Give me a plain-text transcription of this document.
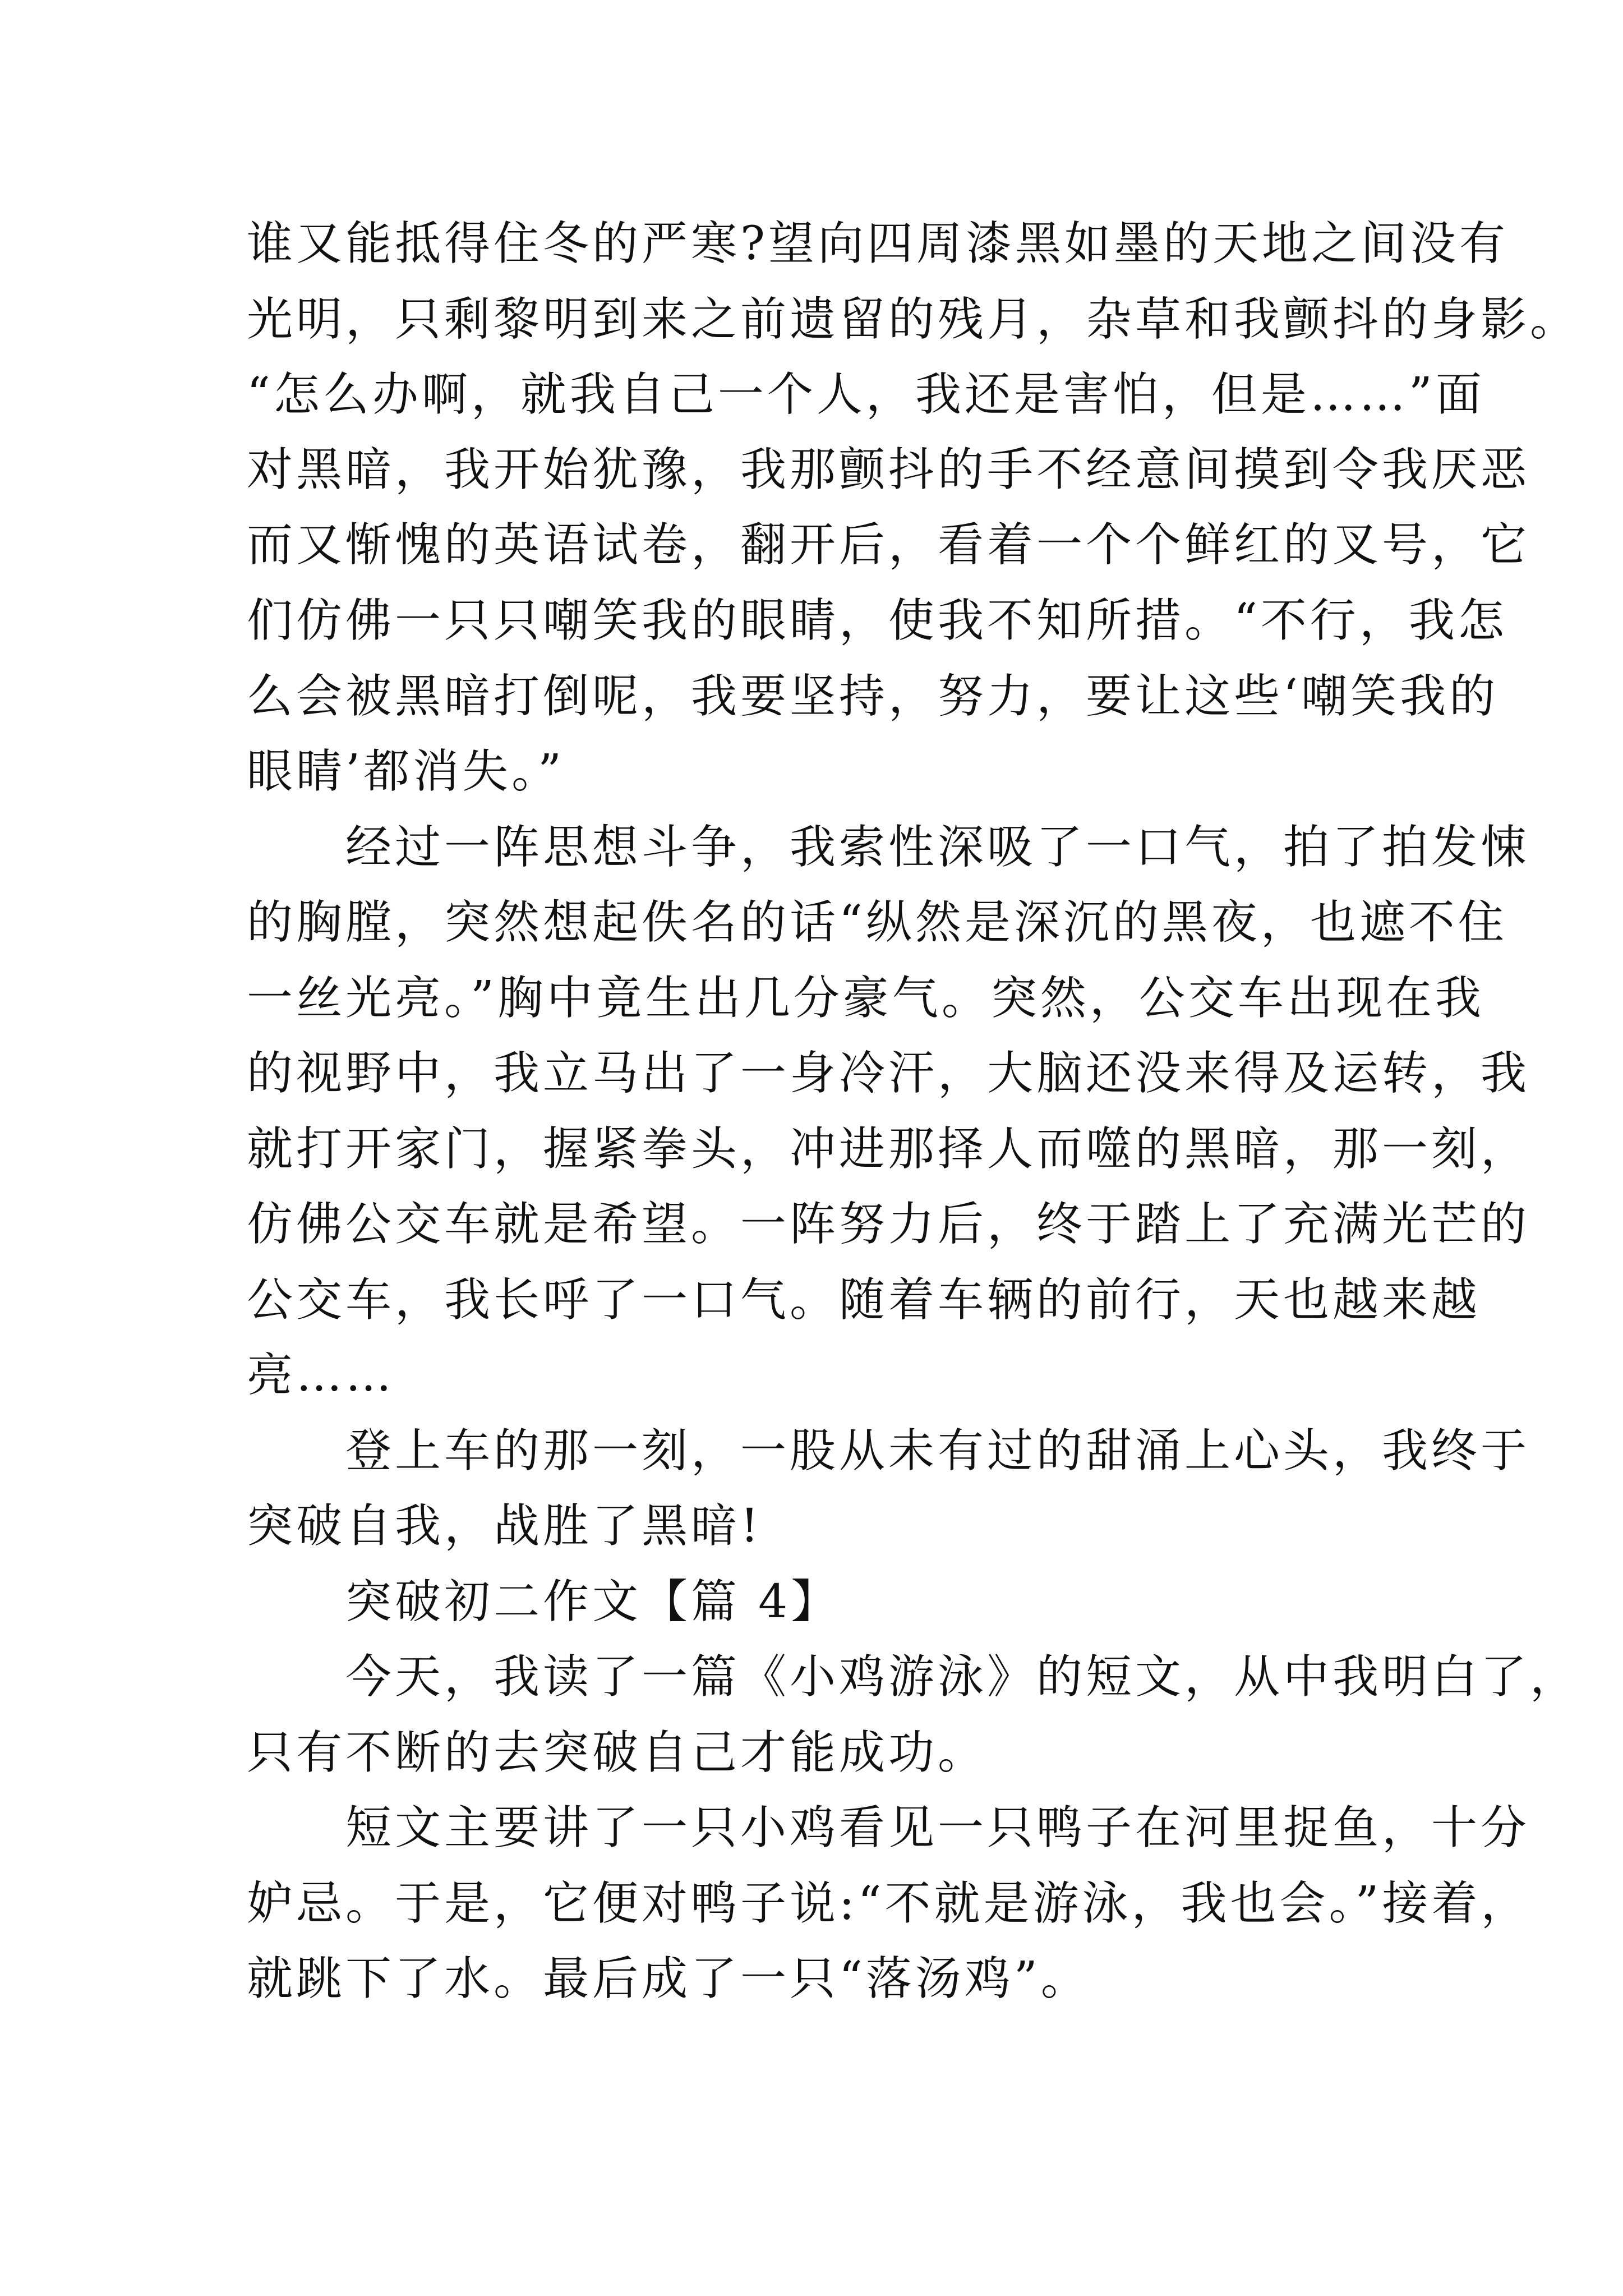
谁又能抵得住冬的严寒?望向四周漆黑如墨的天地之间没有
光明，只剩黎明到来之前遗留的残月，杂草和我颤抖的身影。
“怎么办啊，就我自己一个人，我还是害怕，但是……”面
对黑暗，我开始犹豫，我那颤抖的手不经意间摸到令我厌恶
而又惭愧的英语试卷，翻开后，看着一个个鲜红的叉号，它
们仿佛一只只嘲笑我的眼睛，使我不知所措。“不行，我怎
么会被黑暗打倒呢，我要坚持，努力，要让这些‘嘲笑我的
眼睛’都消失。”
　　经过一阵思想斗争，我索性深吸了一口气，拍了拍发悚
的胸膛，突然想起佚名的话“纵然是深沉的黑夜，也遮不住
一丝光亮。”胸中竟生出几分豪气。突然，公交车出现在我
的视野中，我立马出了一身冷汗，大脑还没来得及运转，我
就打开家门，握紧拳头，冲进那择人而噬的黑暗，那一刻，
仿佛公交车就是希望。一阵努力后，终于踏上了充满光芒的
公交车，我长呼了一口气。随着车辆的前行，天也越来越
亮……
　　登上车的那一刻，一股从未有过的甜涌上心头，我终于
突破自我，战胜了黑暗!
　　突破初二作文【篇 4】
　　今天，我读了一篇《小鸡游泳》的短文，从中我明白了，
只有不断的去突破自己才能成功。
　　短文主要讲了一只小鸡看见一只鸭子在河里捉鱼，十分
妒忌。于是，它便对鸭子说:“不就是游泳，我也会。”接着，
就跳下了水。最后成了一只“落汤鸡”。
